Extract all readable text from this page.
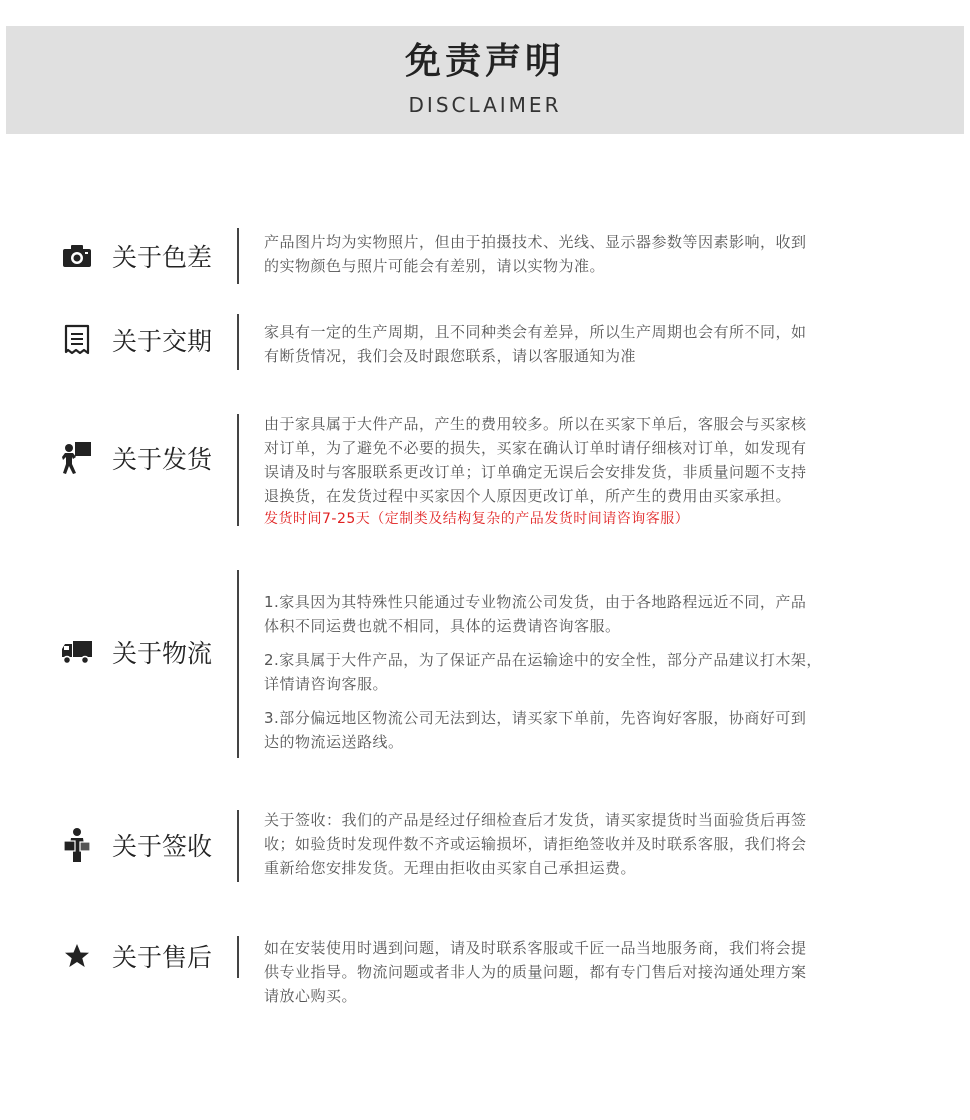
免责声明
DISCLAIMER
关于色差

产品图片均为实物照片，但由于拍摄技术、光线、显示器参数等因素影响，收到

的实物颜色与照片可能会有差别，请以实物为准。

关于交期	家具有一定的生产周期，且不同种类会有差异，所以生产周期也会有所不同，如

有断货情况，我们会及时跟您联系，请以客服通知为准

关于发货

由于家具属于大件产品，产生的费用较多。所以在买家下单后，客服会与买家核

对订单，为了避免不必要的损失，买家在确认订单时请仔细核对订单，如发现有

误请及时与客服联系更改订单；订单确定无误后会安排发货，非质量问题不支持

退换货，在发货过程中买家因个人原因更改订单，所产生的费用由买家承担。

发货时间7-25天（定制类及结构复杂的产品发货时间请咨询客服）

关于物流

1.家具因为其特殊性只能通过专业物流公司发货，由于各地路程远近不同，产品
体积不同运费也就不相同，具体的运费请咨询客服。

2.家具属于大件产品，为了保证产品在运输途中的安全性，部分产品建议打木架，
详情请咨询客服。

3.部分偏远地区物流公司无法到达，请买家下单前，先咨询好客服，协商好可到
达的物流运送路线。

关于签收

关于签收：我们的产品是经过仔细检查后才发货，请买家提货时当面验货后再签

收；如验货时发现件数不齐或运输损坏，请拒绝签收并及时联系客服，我们将会

重新给您安排发货。无理由拒收由买家自己承担运费。

关于售后	如在安装使用时遇到问题，请及时联系客服或千匠一品当地服务商，我们将会提

供专业指导。物流问题或者非人为的质量问题，都有专门售后对接沟通处理方案

请放心购买。
